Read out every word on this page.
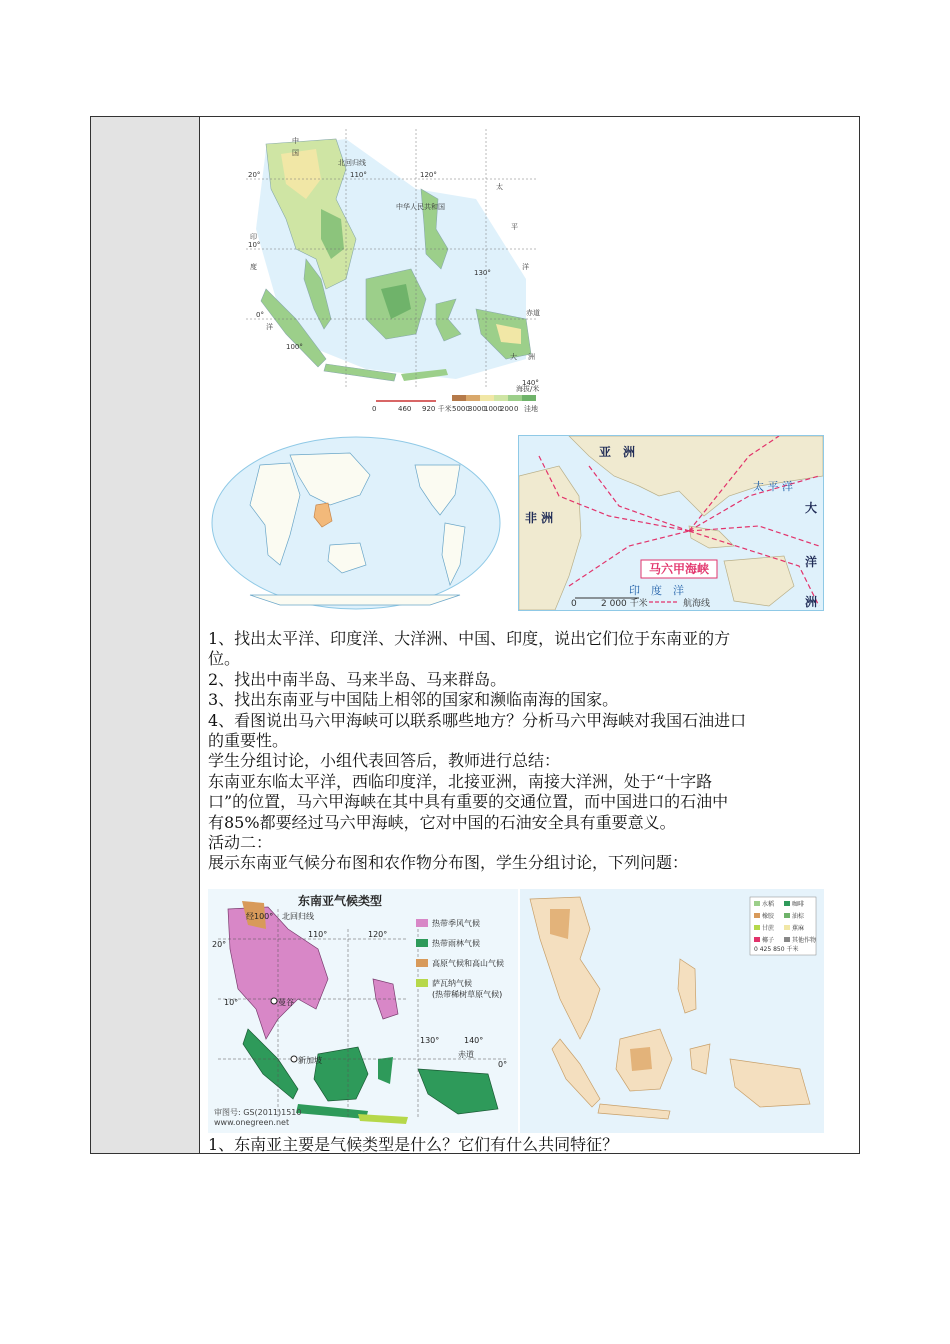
北回归线
中
国
中华人民共和国
太
平
洋
印
度
洋
赤道
大 洲
110°	120°
130°
140°
20°
10°
0°
100°
0	460 920 千米
海拔/米
5000
3000
1000
200 0 洼地
亚　洲
非 洲
太 平 洋
印　度　洋
大
洋
洲
马六甲海峡
0	2 000 千米	航海线

1、找出太平洋、印度洋、大洋洲、中国、印度，说出它们位于东南亚的方

位。

2、找出中南半岛、马来半岛、马来群岛。

3、找出东南亚与中国陆上相邻的国家和濒临南海的国家。

4、看图说出马六甲海峡可以联系哪些地方？分析马六甲海峡对我国石油进口

的重要性。

学生分组讨论，小组代表回答后，教师进行总结：

东南亚东临太平洋，西临印度洋，北接亚洲，南接大洋洲，处于“十字路

口”的位置，马六甲海峡在其中具有重要的交通位置，而中国进口的石油中

有85%都要经过马六甲海峡，它对中国的石油安全具有重要意义。

活动二：

展示东南亚气候分布图和农作物分布图，学生分组讨论，下列问题：

东南亚气候类型
经100° 北回归线
曼谷
新加坡
赤道
110°	120°
20°
10°
0°
130°	140°
热带季风气候
热带雨林气候
高原气候和高山气候
萨瓦纳气候
(热带稀树草原气候)
审图号: GS(2011)1510
www.onegreen.net
水稻
橡胶
甘蔗
椰子
咖啡
油棕
蕉麻
其他作物
0 425 850 千米

1、东南亚主要是气候类型是什么？它们有什么共同特征？
